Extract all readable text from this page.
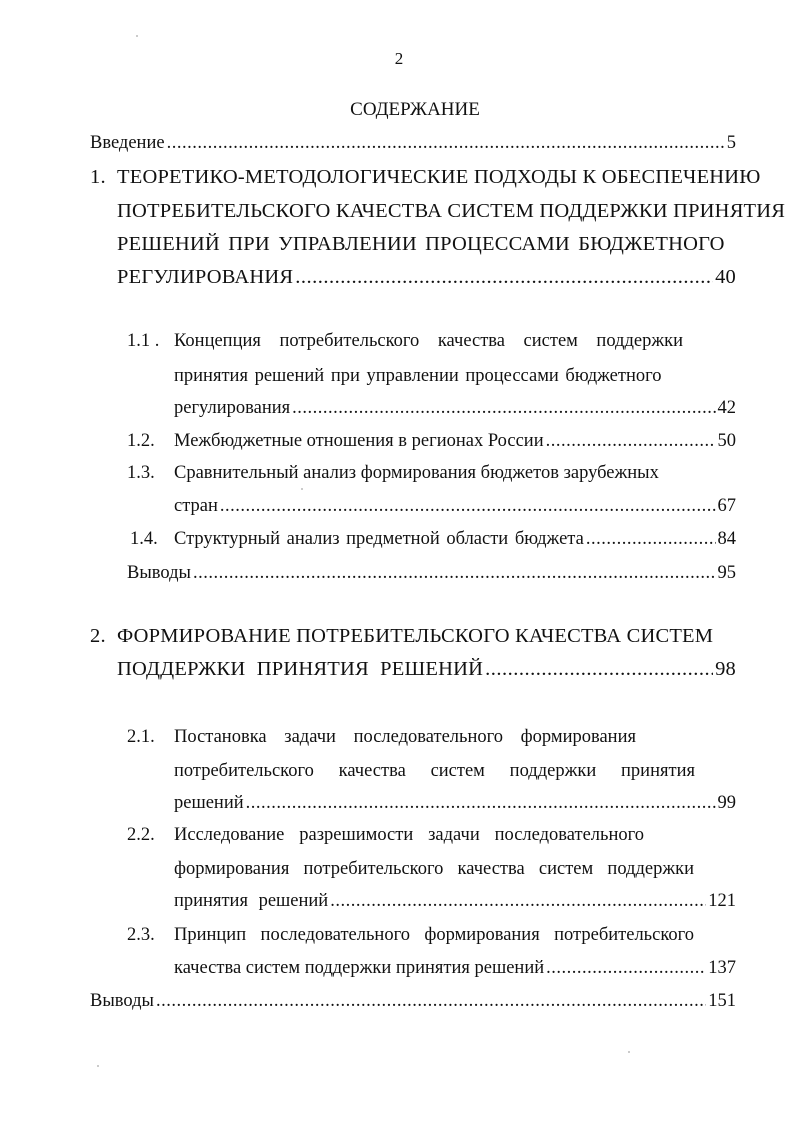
2
СОДЕРЖАНИЕ
Введение .....	5
1. ТЕОРЕТИКО-МЕТОДОЛОГИЧЕСКИЕ ПОДХОДЫ К ОБЕСПЕЧЕНИЮ
ПОТРЕБИТЕЛЬСКОГО КАЧЕСТВА СИСТЕМ ПОДДЕРЖКИ ПРИНЯТИЯ
РЕШЕНИЙ ПРИ УПРАВЛЕНИИ ПРОЦЕССАМИ БЮДЖЕТНОГО
РЕГУЛИРОВАНИЯ .....	40
1.1 . Концепция потребительского качества систем поддержки
принятия решений при управлении процессами бюджетного
регулирования .....	42
1.2.	Межбюджетные отношения в регионах России .....	50
1.3.	Сравнительный анализ формирования бюджетов зарубежных
стран .....	67
1.4. Структурный анализ предметной области бюджета .....	84
Выводы .....	95
2. ФОРМИРОВАНИЕ ПОТРЕБИТЕЛЬСКОГО КАЧЕСТВА СИСТЕМ
ПОДДЕРЖКИ ПРИНЯТИЯ РЕШЕНИЙ .....	98
2.1.	Постановка задачи последовательного формирования
потребительского качества систем поддержки принятия
решений .....	99
2.2.	Исследование разрешимости задачи последовательного
формирования потребительского качества систем поддержки
принятия решений .....	121
2.3.	Принцип последовательного формирования потребительского
качества систем поддержки принятия решений .....	137
Выводы .....	151
